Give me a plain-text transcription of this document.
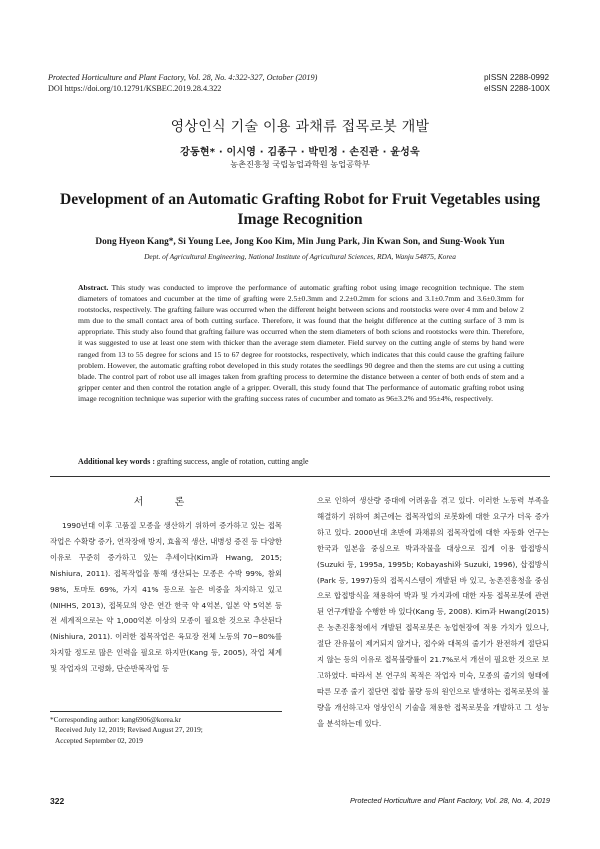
Protected Horticulture and Plant Factory, Vol. 28, No. 4:322-327, October (2019)
DOI https://doi.org/10.12791/KSBEC.2019.28.4.322
pISSN 2288-0992
eISSN 2288-100X
영상인식 기술 이용 과채류 접목로봇 개발
강동현* · 이시영 · 김종구 · 박민정 · 손진관 · 윤성욱
농촌진흥청 국립농업과학원 농업공학부
Development of an Automatic Grafting Robot for Fruit Vegetables using Image Recognition
Dong Hyeon Kang*, Si Young Lee, Jong Koo Kim, Min Jung Park, Jin Kwan Son, and Sung-Wook Yun
Dept. of Agricultural Engineering, National Institute of Agricultural Sciences, RDA, Wanju 54875, Korea
Abstract. This study was conducted to improve the performance of automatic grafting robot using image recognition technique. The stem diameters of tomatoes and cucumber at the time of grafting were 2.5±0.3mm and 2.2±0.2mm for scions and 3.1±0.7mm and 3.6±0.3mm for rootstocks, respectively. The grafting failure was occurred when the different height between scions and rootstocks were over 4 mm and below 2 mm due to the small contact area of both cutting surface. Therefore, it was found that the height difference at the cutting surface of 3 mm is appropriate. This study also found that grafting failure was occurred when the stem diameters of both scions and rootstocks were thin. Therefore, it was suggested to use at least one stem with thicker than the average stem diameter. Field survey on the cutting angle of stems by hand were ranged from 13 to 55 degree for scions and 15 to 67 degree for rootstocks, respectively, which indicates that this could cause the grafting failure problem. However, the automatic grafting robot developed in this study rotates the seedlings 90 degree and then the stems are cut using a cutting blade. The control part of robot use all images taken from grafting process to determine the distance between a center of both ends of stem and a gripper center and then control the rotation angle of a gripper. Overall, this study found that The performance of automatic grafting robot using image recognition technique was superior with the grafting success rates of cucumber and tomato as 96±3.2% and 95±4%, respectively.
Additional key words : grafting success, angle of rotation, cutting angle
서 론

1990년대 이후 고품질 모종을 생산하기 위하여 증가하고 있는 접목작업은 수확량 증가, 연작장애 방지, 효율적 생산, 내병성 증진 등 다양한 이유로 꾸준히 증가하고 있는 추세이다(Kim과 Hwang, 2015; Nishiura, 2011). 접목작업을 통해 생산되는 모종은 수박 99%, 참외 98%, 토마토 69%, 가지 41% 등으로 높은 비중을 차지하고 있고(NIHHS, 2013), 접목묘의 양은 연간 한국 약 4억본, 일본 약 5억본 등 전 세계적으로는 약 1,000억본 이상의 모종이 필요한 것으로 추산된다(Nishiura, 2011). 이러한 접목작업은 육묘장 전체 노동의 70~80%를 차지할 정도로 많은 인력을 필요로 하지만(Kang 등, 2005), 작업 체계 및 작업자의 고령화, 단순반복작업 등

으로 인하여 생산량 증대에 어려움을 겪고 있다. 이러한 노동력 부족을 해결하기 위하여 최근에는 접목작업의 로봇화에 대한 요구가 더욱 증가하고 있다. 2000년대 초반에 과채류의 접목작업에 대한 자동화 연구는 한국과 일본을 중심으로 박과작물을 대상으로 집게 이용 합접방식(Suzuki 등, 1995a, 1995b; Kobayashi와 Suzuki, 1996), 삽접방식(Park 등, 1997)등의 접목시스템이 개발된 바 있고, 농촌진흥청을 중심으로 합접방식을 채용하여 박과 및 가지과에 대한 자동 접목로봇에 관련된 연구개발을 수행한 바 있다(Kang 등, 2008). Kim과 Hwang(2015)은 농촌진흥청에서 개발된 접목로봇은 농업현장에 적용 가치가 있으나, 절단 잔유물이 제거되지 않거나, 접수와 대목의 줄기가 완전하게 절단되지 않는 등의 이유로 접목불량률이 21.7%로서 개선이 필요한 것으로 보고하였다. 따라서 본 연구의 목적은 작업자 미숙, 모종의 줄기의 형태에 따른 모종 줄기 절단면 접합 불량 등의 원인으로 발생하는 접목로봇의 불량을 개선하고자 영상인식 기술을 채용한 접목로봇을 개발하고 그 성능을 분석하는데 있다.

*Corresponding author: kang6906@korea.kr
Received July 12, 2019; Revised August 27, 2019;
Accepted September 02, 2019
322	Protected Horticulture and Plant Factory, Vol. 28, No. 4, 2019
